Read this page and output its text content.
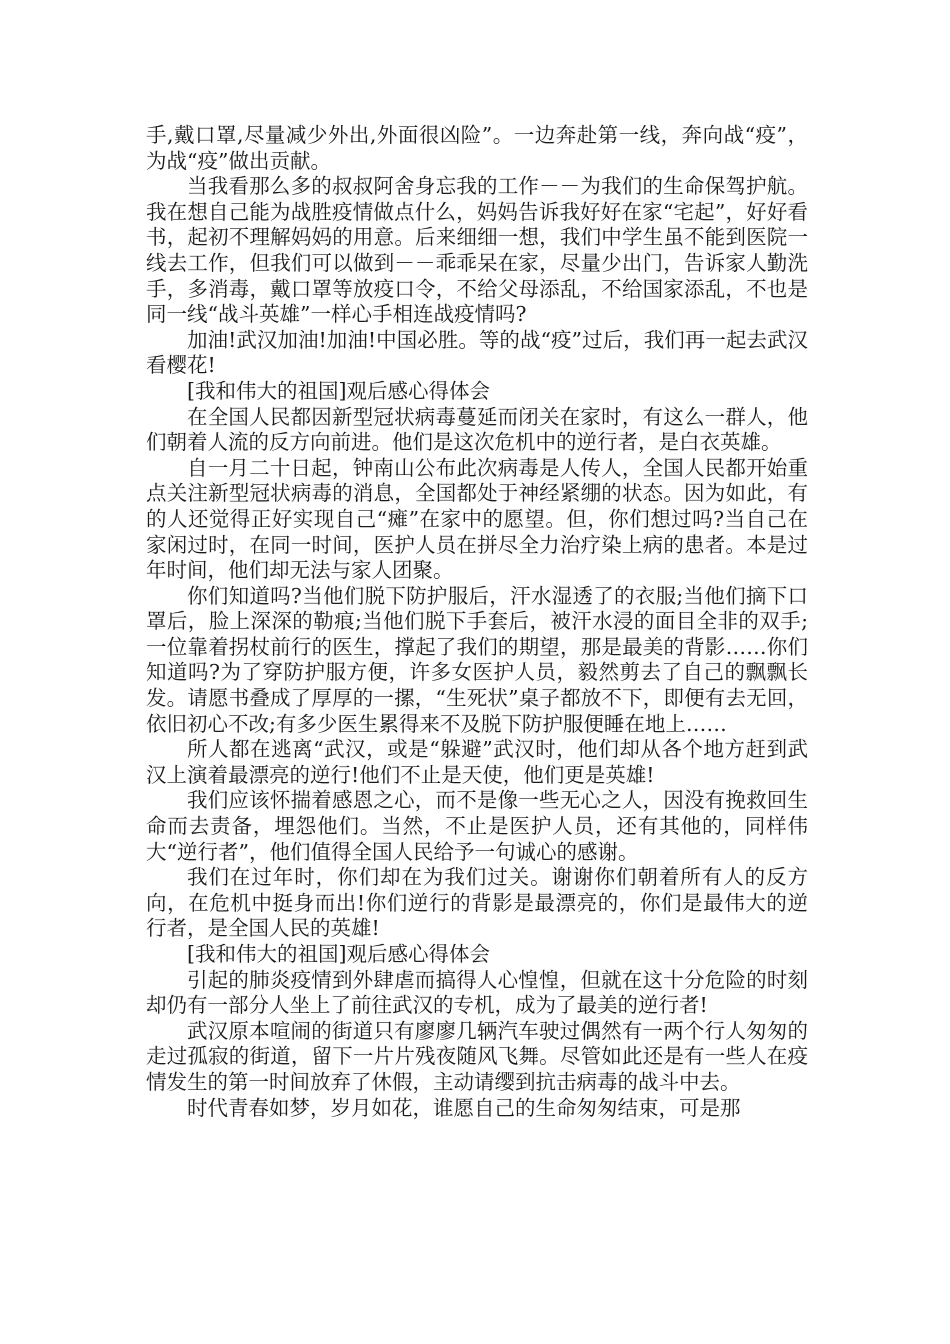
手,戴口罩,尽量减少外出,外面很凶险”。一边奔赴第一线，奔向战“疫”，为战“疫”做出贡献。

当我看那么多的叔叔阿舍身忘我的工作－－为我们的生命保驾护航。我在想自己能为战胜疫情做点什么，妈妈告诉我好好在家“宅起”，好好看书，起初不理解妈妈的用意。后来细细一想，我们中学生虽不能到医院一线去工作，但我们可以做到－－乖乖呆在家，尽量少出门，告诉家人勤洗手，多消毒，戴口罩等放疫口令，不给父母添乱，不给国家添乱，不也是同一线“战斗英雄”一样心手相连战疫情吗?

加油!武汉加油!加油!中国必胜。等的战“疫”过后，我们再一起去武汉看樱花!

[我和伟大的祖国]观后感心得体会

在全国人民都因新型冠状病毒蔓延而闭关在家时，有这么一群人，他们朝着人流的反方向前进。他们是这次危机中的逆行者，是白衣英雄。

自一月二十日起，钟南山公布此次病毒是人传人，全国人民都开始重点关注新型冠状病毒的消息，全国都处于神经紧绷的状态。因为如此，有的人还觉得正好实现自己“瘫”在家中的愿望。但，你们想过吗?当自己在家闲过时，在同一时间，医护人员在拼尽全力治疗染上病的患者。本是过年时间，他们却无法与家人团聚。

你们知道吗?当他们脱下防护服后，汗水湿透了的衣服;当他们摘下口罩后，脸上深深的勒痕;当他们脱下手套后，被汗水浸的面目全非的双手;一位靠着拐杖前行的医生，撑起了我们的期望，那是最美的背影……你们知道吗?为了穿防护服方便，许多女医护人员，毅然剪去了自己的飘飘长发。请愿书叠成了厚厚的一摞，“生死状”桌子都放不下，即便有去无回，依旧初心不改;有多少医生累得来不及脱下防护服便睡在地上……

所人都在逃离“武汉，或是“躲避”武汉时，他们却从各个地方赶到武汉上演着最漂亮的逆行!他们不止是天使，他们更是英雄!

我们应该怀揣着感恩之心，而不是像一些无心之人，因没有挽救回生命而去责备，埋怨他们。当然，不止是医护人员，还有其他的，同样伟大“逆行者”，他们值得全国人民给予一句诚心的感谢。

我们在过年时，你们却在为我们过关。谢谢你们朝着所有人的反方向，在危机中挺身而出!你们逆行的背影是最漂亮的，你们是最伟大的逆行者，是全国人民的英雄!

[我和伟大的祖国]观后感心得体会

引起的肺炎疫情到外肆虐而搞得人心惶惶，但就在这十分危险的时刻却仍有一部分人坐上了前往武汉的专机，成为了最美的逆行者!

武汉原本喧闹的街道只有廖廖几辆汽车驶过偶然有一两个行人匆匆的走过孤寂的街道，留下一片片残夜随风飞舞。尽管如此还是有一些人在疫情发生的第一时间放弃了休假，主动请缨到抗击病毒的战斗中去。

时代青春如梦，岁月如花，谁愿自己的生命匆匆结束，可是那
